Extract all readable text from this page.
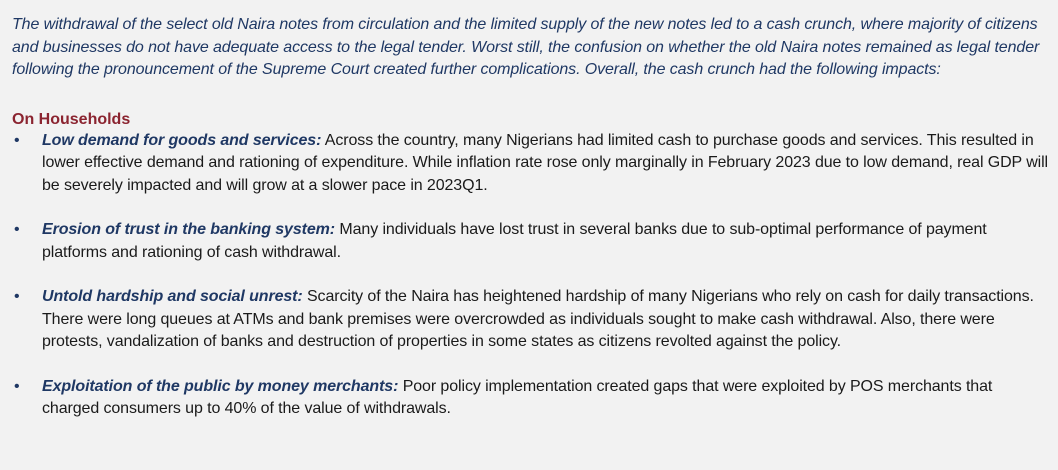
The withdrawal of the select old Naira notes from circulation and the limited supply of the new notes led to a cash crunch, where majority of citizens and businesses do not have adequate access to the legal tender. Worst still, the confusion on whether the old Naira notes remained as legal tender following the pronouncement of the Supreme Court created further complications. Overall, the cash crunch had the following impacts:

On Households
• Low demand for goods and services: Across the country, many Nigerians had limited cash to purchase goods and services. This resulted in lower effective demand and rationing of expenditure. While inflation rate rose only marginally in February 2023 due to low demand, real GDP will be severely impacted and will grow at a slower pace in 2023Q1.
• Erosion of trust in the banking system: Many individuals have lost trust in several banks due to sub-optimal performance of payment platforms and rationing of cash withdrawal.
• Untold hardship and social unrest: Scarcity of the Naira has heightened hardship of many Nigerians who rely on cash for daily transactions. There were long queues at ATMs and bank premises were overcrowded as individuals sought to make cash withdrawal. Also, there were protests, vandalization of banks and destruction of properties in some states as citizens revolted against the policy.
• Exploitation of the public by money merchants: Poor policy implementation created gaps that were exploited by POS merchants that charged consumers up to 40% of the value of withdrawals.
